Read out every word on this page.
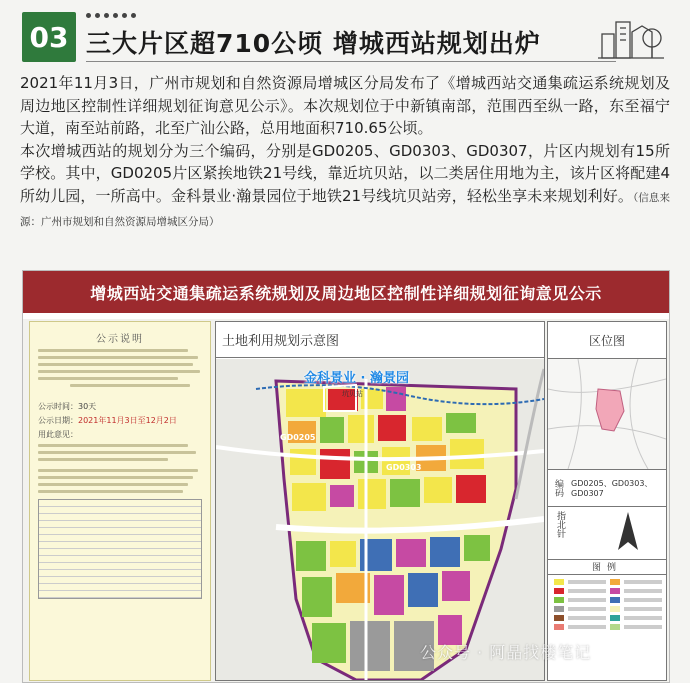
03 三大片区超710公顷 增城西站规划出炉

2021年11月3日，广州市规划和自然资源局增城区分局发布了《增城西站交通集疏运系统规划及周边地区控制性详细规划征询意见公示》。本次规划位于中新镇南部，范围西至纵一路，东至福宁大道，南至站前路，北至广汕公路，总用地面积710.65公顷。

本次增城西站的规划分为三个编码，分别是GD0205、GD0303、GD0307，片区内规划有15所学校。其中，GD0205片区紧挨地铁21号线，靠近坑贝站，以二类居住用地为主，该片区将配建4所幼儿园，一所高中。金科景业·瀚景园位于地铁21号线坑贝站旁，轻松坐享未来规划利好。（信息来源：广州市规划和自然资源局增城区分局）

增城西站交通集疏运系统规划及周边地区控制性详细规划征询意见公示
公示说明
公示时间：30天
公示日期：2021年11月3日至12月2日
用此意见：
土地利用规划示意图
金科景业 · 瀚景园
坑贝站
GD0205
GD0303
区位图
编码 GD0205、GD0303、GD0307
指北针
图例
公众号 · 阿晶找楼笔记
